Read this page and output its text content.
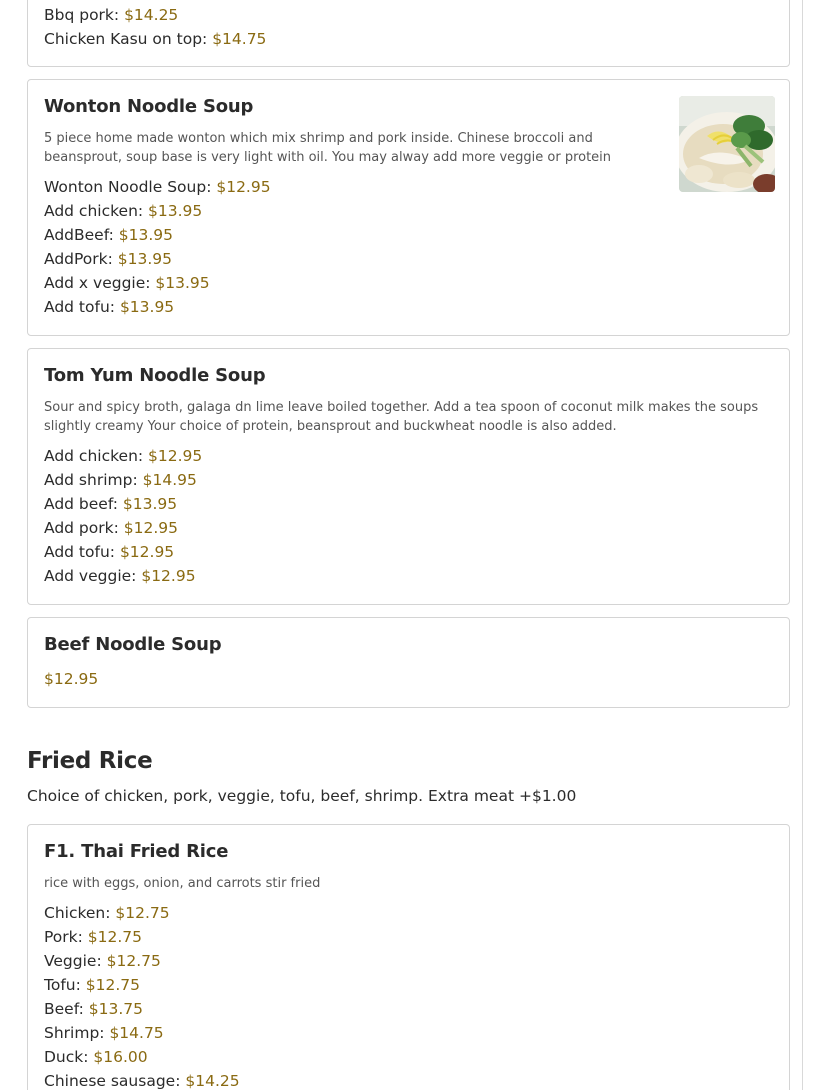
Bbq pork: $14.25
Chicken Kasu on top: $14.75
Wonton Noodle Soup
5 piece home made wonton which mix shrimp and pork inside. Chinese broccoli and beansprout, soup base is very light with oil. You may alway add more veggie or protein
Wonton Noodle Soup: $12.95
Add chicken: $13.95
AddBeef: $13.95
AddPork: $13.95
Add x veggie: $13.95
Add tofu: $13.95
Tom Yum Noodle Soup
Sour and spicy broth, galaga dn lime leave boiled together. Add a tea spoon of coconut milk makes the soups slightly creamy Your choice of protein, beansprout and buckwheat noodle is also added.
Add chicken: $12.95
Add shrimp: $14.95
Add beef: $13.95
Add pork: $12.95
Add tofu: $12.95
Add veggie: $12.95
Beef Noodle Soup
$12.95
Fried Rice
Choice of chicken, pork, veggie, tofu, beef, shrimp. Extra meat +$1.00
F1. Thai Fried Rice
rice with eggs, onion, and carrots stir fried
Chicken: $12.75
Pork: $12.75
Veggie: $12.75
Tofu: $12.75
Beef: $13.75
Shrimp: $14.75
Duck: $16.00
Chinese sausage: $14.25
